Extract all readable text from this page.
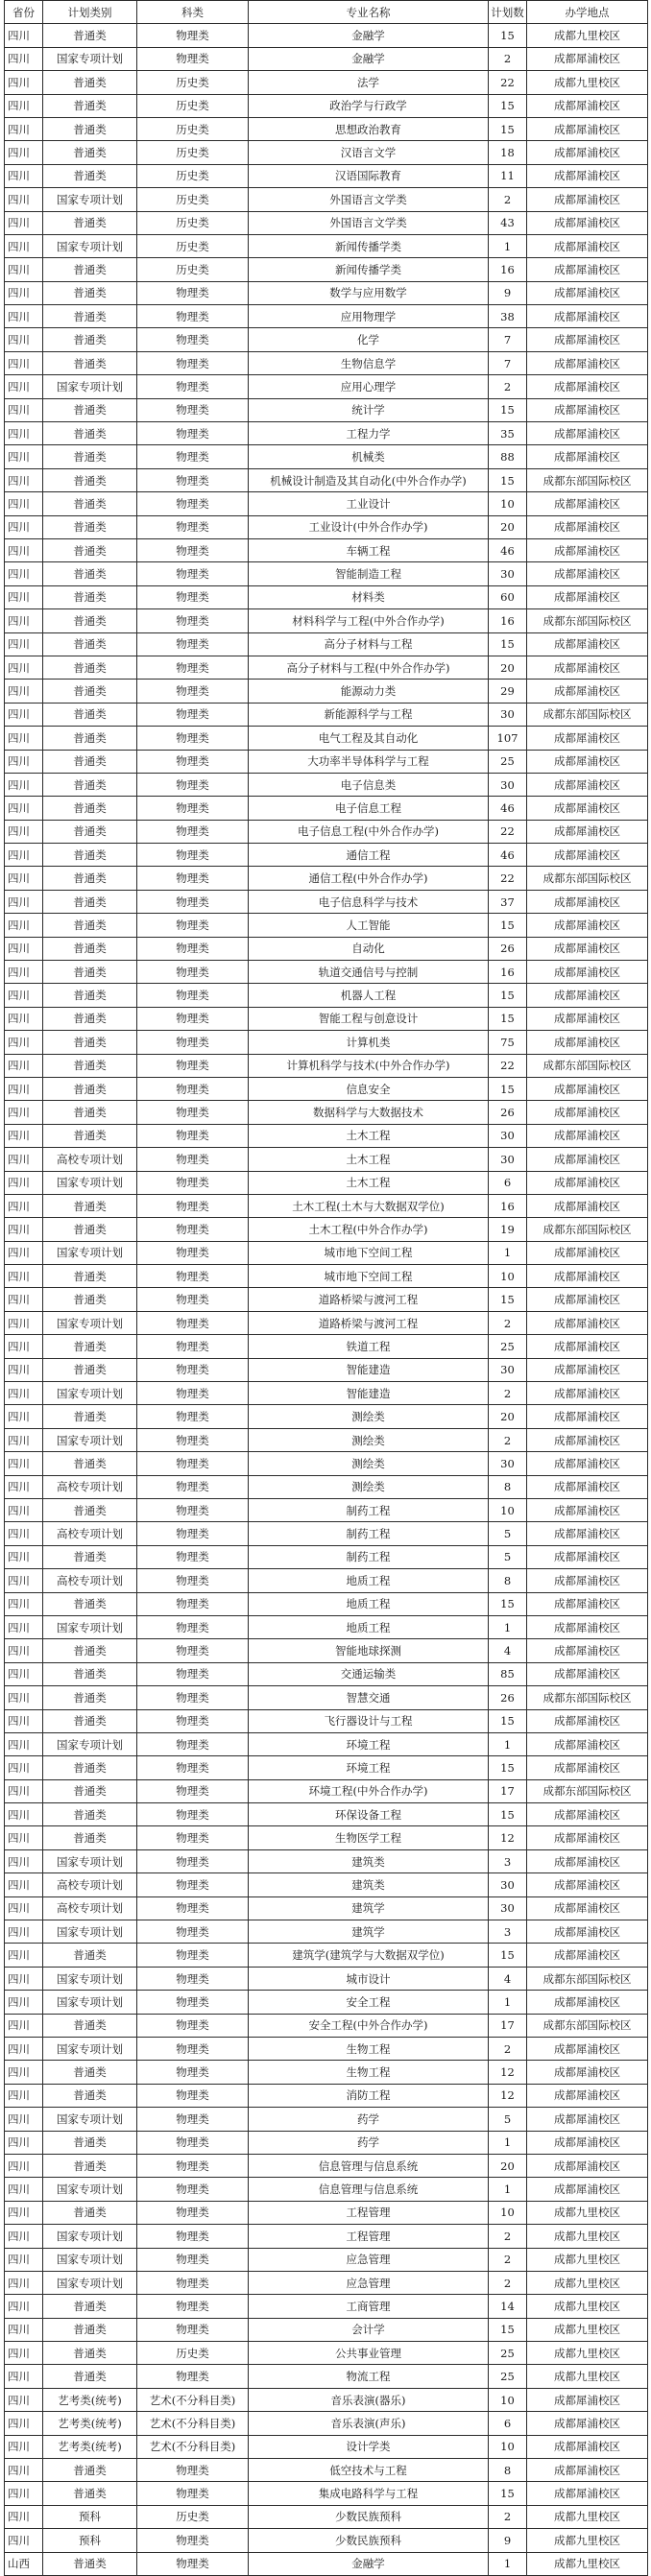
省份	计划类别	科类	专业名称	计划数	办学地点
四川	普通类	物理类	金融学	15	成都九里校区
四川	国家专项计划	物理类	金融学	2	成都犀浦校区
四川	普通类	历史类	法学	22	成都九里校区
四川	普通类	历史类	政治学与行政学	15	成都犀浦校区
四川	普通类	历史类	思想政治教育	15	成都犀浦校区
四川	普通类	历史类	汉语言文学	18	成都犀浦校区
四川	普通类	历史类	汉语国际教育	11	成都犀浦校区
四川	国家专项计划	历史类	外国语言文学类	2	成都犀浦校区
四川	普通类	历史类	外国语言文学类	43	成都犀浦校区
四川	国家专项计划	历史类	新闻传播学类	1	成都犀浦校区
四川	普通类	历史类	新闻传播学类	16	成都犀浦校区
四川	普通类	物理类	数学与应用数学	9	成都犀浦校区
四川	普通类	物理类	应用物理学	38	成都犀浦校区
四川	普通类	物理类	化学	7	成都犀浦校区
四川	普通类	物理类	生物信息学	7	成都犀浦校区
四川	国家专项计划	物理类	应用心理学	2	成都犀浦校区
四川	普通类	物理类	统计学	15	成都犀浦校区
四川	普通类	物理类	工程力学	35	成都犀浦校区
四川	普通类	物理类	机械类	88	成都犀浦校区
四川	普通类	物理类	机械设计制造及其自动化(中外合作办学)	15	成都东部国际校区
四川	普通类	物理类	工业设计	10	成都犀浦校区
四川	普通类	物理类	工业设计(中外合作办学)	20	成都犀浦校区
四川	普通类	物理类	车辆工程	46	成都犀浦校区
四川	普通类	物理类	智能制造工程	30	成都犀浦校区
四川	普通类	物理类	材料类	60	成都犀浦校区
四川	普通类	物理类	材料科学与工程(中外合作办学)	16	成都东部国际校区
四川	普通类	物理类	高分子材料与工程	15	成都犀浦校区
四川	普通类	物理类	高分子材料与工程(中外合作办学)	20	成都犀浦校区
四川	普通类	物理类	能源动力类	29	成都犀浦校区
四川	普通类	物理类	新能源科学与工程	30	成都东部国际校区
四川	普通类	物理类	电气工程及其自动化	107	成都犀浦校区
四川	普通类	物理类	大功率半导体科学与工程	25	成都犀浦校区
四川	普通类	物理类	电子信息类	30	成都犀浦校区
四川	普通类	物理类	电子信息工程	46	成都犀浦校区
四川	普通类	物理类	电子信息工程(中外合作办学)	22	成都犀浦校区
四川	普通类	物理类	通信工程	46	成都犀浦校区
四川	普通类	物理类	通信工程(中外合作办学)	22	成都东部国际校区
四川	普通类	物理类	电子信息科学与技术	37	成都犀浦校区
四川	普通类	物理类	人工智能	15	成都犀浦校区
四川	普通类	物理类	自动化	26	成都犀浦校区
四川	普通类	物理类	轨道交通信号与控制	16	成都犀浦校区
四川	普通类	物理类	机器人工程	15	成都犀浦校区
四川	普通类	物理类	智能工程与创意设计	15	成都犀浦校区
四川	普通类	物理类	计算机类	75	成都犀浦校区
四川	普通类	物理类	计算机科学与技术(中外合作办学)	22	成都东部国际校区
四川	普通类	物理类	信息安全	15	成都犀浦校区
四川	普通类	物理类	数据科学与大数据技术	26	成都犀浦校区
四川	普通类	物理类	土木工程	30	成都犀浦校区
四川	高校专项计划	物理类	土木工程	30	成都犀浦校区
四川	国家专项计划	物理类	土木工程	6	成都犀浦校区
四川	普通类	物理类	土木工程(土木与大数据双学位)	16	成都犀浦校区
四川	普通类	物理类	土木工程(中外合作办学)	19	成都东部国际校区
四川	国家专项计划	物理类	城市地下空间工程	1	成都犀浦校区
四川	普通类	物理类	城市地下空间工程	10	成都犀浦校区
四川	普通类	物理类	道路桥梁与渡河工程	15	成都犀浦校区
四川	国家专项计划	物理类	道路桥梁与渡河工程	2	成都犀浦校区
四川	普通类	物理类	铁道工程	25	成都犀浦校区
四川	普通类	物理类	智能建造	30	成都犀浦校区
四川	国家专项计划	物理类	智能建造	2	成都犀浦校区
四川	普通类	物理类	测绘类	20	成都犀浦校区
四川	国家专项计划	物理类	测绘类	2	成都犀浦校区
四川	普通类	物理类	测绘类	30	成都犀浦校区
四川	高校专项计划	物理类	测绘类	8	成都犀浦校区
四川	普通类	物理类	制药工程	10	成都犀浦校区
四川	高校专项计划	物理类	制药工程	5	成都犀浦校区
四川	普通类	物理类	制药工程	5	成都犀浦校区
四川	高校专项计划	物理类	地质工程	8	成都犀浦校区
四川	普通类	物理类	地质工程	15	成都犀浦校区
四川	国家专项计划	物理类	地质工程	1	成都犀浦校区
四川	普通类	物理类	智能地球探测	4	成都犀浦校区
四川	普通类	物理类	交通运输类	85	成都犀浦校区
四川	普通类	物理类	智慧交通	26	成都东部国际校区
四川	普通类	物理类	飞行器设计与工程	15	成都犀浦校区
四川	国家专项计划	物理类	环境工程	1	成都犀浦校区
四川	普通类	物理类	环境工程	15	成都犀浦校区
四川	普通类	物理类	环境工程(中外合作办学)	17	成都东部国际校区
四川	普通类	物理类	环保设备工程	15	成都犀浦校区
四川	普通类	物理类	生物医学工程	12	成都犀浦校区
四川	国家专项计划	物理类	建筑类	3	成都犀浦校区
四川	高校专项计划	物理类	建筑类	30	成都犀浦校区
四川	高校专项计划	物理类	建筑学	30	成都犀浦校区
四川	国家专项计划	物理类	建筑学	3	成都犀浦校区
四川	普通类	物理类	建筑学(建筑学与大数据双学位)	15	成都犀浦校区
四川	国家专项计划	物理类	城市设计	4	成都东部国际校区
四川	国家专项计划	物理类	安全工程	1	成都犀浦校区
四川	普通类	物理类	安全工程(中外合作办学)	17	成都东部国际校区
四川	国家专项计划	物理类	生物工程	2	成都犀浦校区
四川	普通类	物理类	生物工程	12	成都犀浦校区
四川	普通类	物理类	消防工程	12	成都犀浦校区
四川	国家专项计划	物理类	药学	5	成都犀浦校区
四川	普通类	物理类	药学	1	成都犀浦校区
四川	普通类	物理类	信息管理与信息系统	20	成都犀浦校区
四川	国家专项计划	物理类	信息管理与信息系统	1	成都犀浦校区
四川	普通类	物理类	工程管理	10	成都九里校区
四川	国家专项计划	物理类	工程管理	2	成都九里校区
四川	国家专项计划	物理类	应急管理	2	成都九里校区
四川	国家专项计划	物理类	应急管理	2	成都九里校区
四川	普通类	物理类	工商管理	14	成都九里校区
四川	普通类	物理类	会计学	15	成都九里校区
四川	普通类	历史类	公共事业管理	25	成都九里校区
四川	普通类	物理类	物流工程	25	成都九里校区
四川	艺考类(统考)	艺术(不分科目类)	音乐表演(器乐)	10	成都犀浦校区
四川	艺考类(统考)	艺术(不分科目类)	音乐表演(声乐)	6	成都犀浦校区
四川	艺考类(统考)	艺术(不分科目类)	设计学类	10	成都犀浦校区
四川	普通类	物理类	低空技术与工程	8	成都犀浦校区
四川	普通类	物理类	集成电路科学与工程	15	成都犀浦校区
四川	预科	历史类	少数民族预科	2	成都九里校区
四川	预科	物理类	少数民族预科	9	成都九里校区
山西	普通类	物理类	金融学	1	成都九里校区
